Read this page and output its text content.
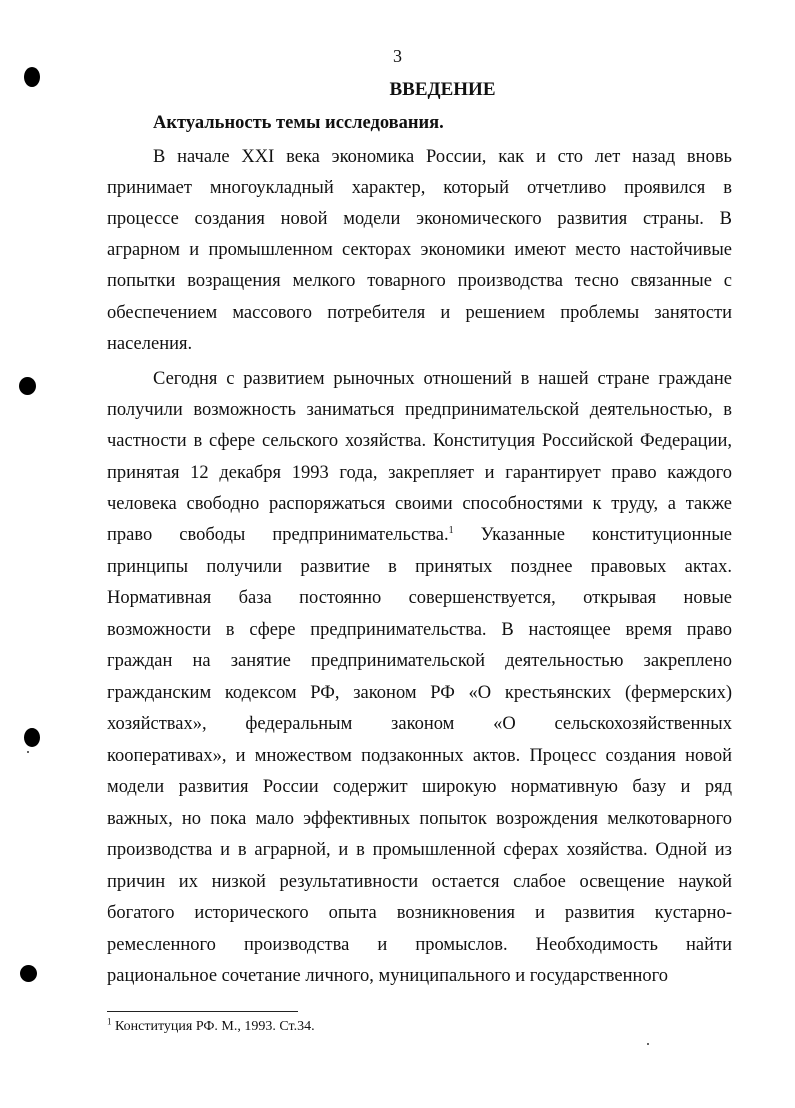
3

ВВЕДЕНИЕ
Актуальность темы исследования.

В начале XXI века экономика России, как и сто лет назад вновь

принимает многоукладный характер, который отчетливо проявился в

процессе создания новой модели экономического развития страны. В

аграрном и промышленном секторах экономики имеют место настойчивые

попытки возращения мелкого товарного производства тесно связанные с

обеспечением массового потребителя и решением проблемы занятости

населения.

Сегодня с развитием рыночных отношений в нашей стране граждане

получили возможность заниматься предпринимательской деятельностью, в

частности в сфере сельского хозяйства. Конституция Российской Федерации,

принятая 12 декабря 1993 года, закрепляет и гарантирует право каждого

человека свободно распоряжаться своими способностями к труду, а также

право свободы предпринимательства.$^1$ Указанные конституционные

принципы получили развитие в принятых позднее правовых актах.

Нормативная база постоянно совершенствуется, открывая новые

возможности в сфере предпринимательства. В настоящее время право

граждан на занятие предпринимательской деятельностью закреплено

гражданским кодексом РФ, законом РФ «О крестьянских (фермерских)

хозяйствах», федеральным законом «О сельскохозяйственных

кооперативах», и множеством подзаконных актов. Процесс создания новой

модели развития России содержит широкую нормативную базу и ряд

важных, но пока мало эффективных попыток возрождения мелкотоварного

производства и в аграрной, и в промышленной сферах хозяйства. Одной из

причин их низкой результативности остается слабое освещение наукой

богатого исторического опыта возникновения и развития кустарно-

ремесленного производства и промыслов. Необходимость найти

рациональное сочетание личного, муниципального и государственного

$^1$ Конституция РФ. М., 1993. Ст.34.
